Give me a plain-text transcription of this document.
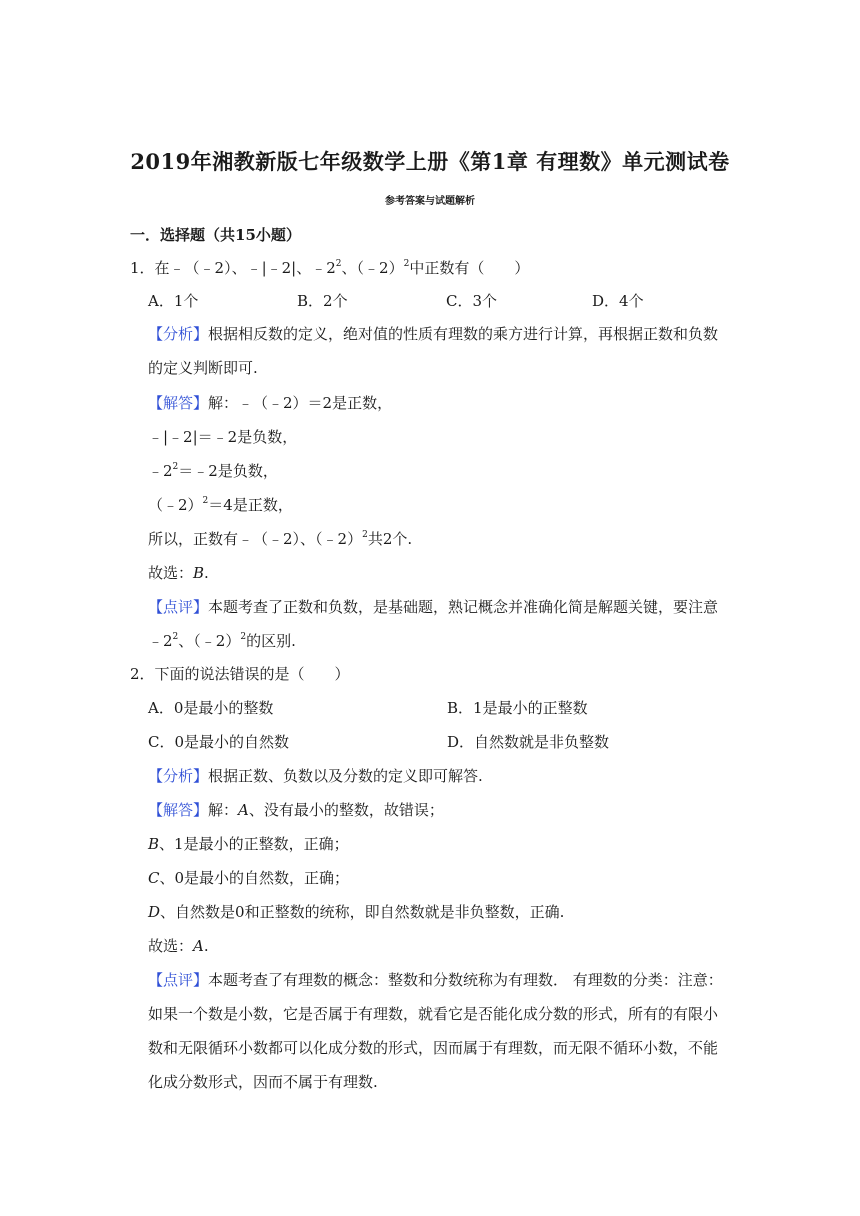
2019年湘教新版七年级数学上册《第1章 有理数》单元测试卷
参考答案与试题解析
一．选择题（共15小题）
1．在﹣（﹣2）、﹣|﹣2|、$﹣2^2$、（﹣2）$^2$中正数有（　　）
A．1个	B．2个	C．3个	D．4个
【分析】根据相反数的定义，绝对值的性质有理数的乘方进行计算，再根据正数和负数
的定义判断即可.
【解答】解：﹣（﹣2）＝2是正数，
﹣|﹣2|＝﹣2是负数，
$﹣2^2=﹣2$是负数，
（﹣2）$^2$＝4是正数，
所以，正数有﹣（﹣2）、（﹣2）$^2$共2个.
故选：B.
【点评】本题考查了正数和负数，是基础题，熟记概念并准确化简是解题关键，要注意
$﹣2^2$、（﹣2）$^2$的区别.
2．下面的说法错误的是（　　）
A．0是最小的整数	B．1是最小的正整数
C．0是最小的自然数	D．自然数就是非负整数
【分析】根据正数、负数以及分数的定义即可解答.
【解答】解：A、没有最小的整数，故错误；
B、1是最小的正整数，正确；
C、0是最小的自然数，正确；
D、自然数是0和正整数的统称，即自然数就是非负整数，正确.
故选：A.
【点评】本题考查了有理数的概念：整数和分数统称为有理数． 有理数的分类：注意：
如果一个数是小数，它是否属于有理数，就看它是否能化成分数的形式，所有的有限小
数和无限循环小数都可以化成分数的形式，因而属于有理数，而无限不循环小数，不能
化成分数形式，因而不属于有理数.
